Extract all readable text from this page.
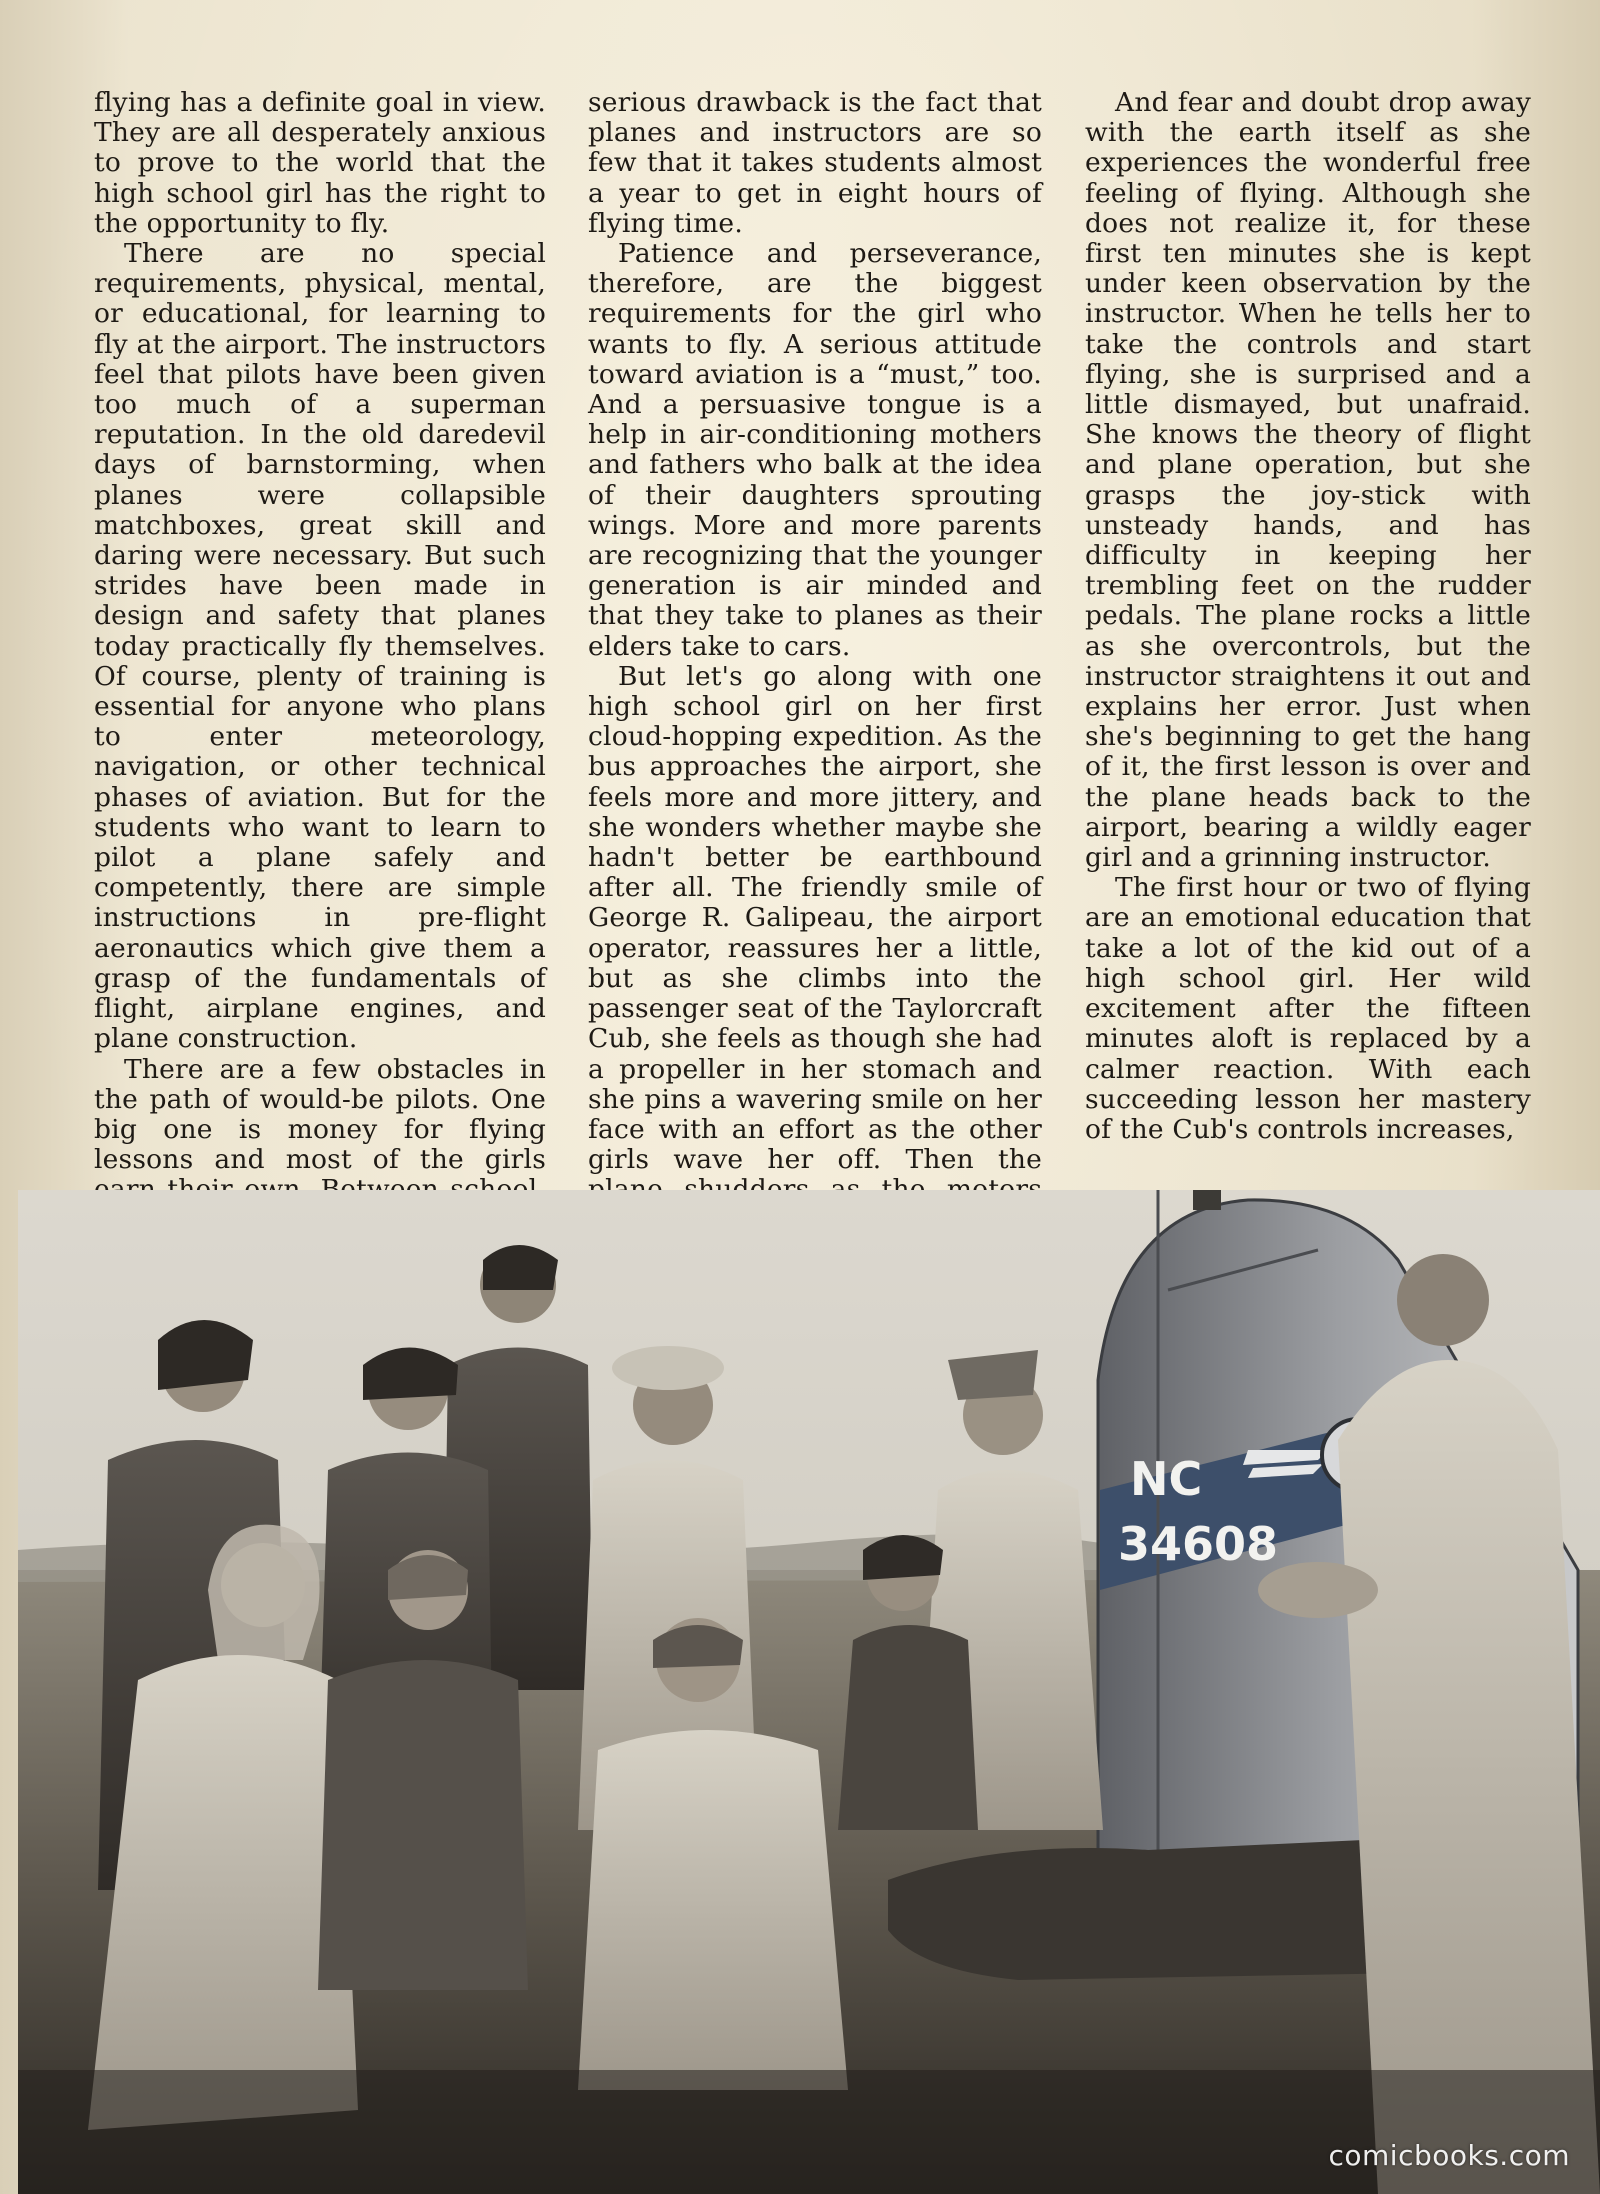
flying has a definite goal in view. They are all desperately anxious to prove to the world that the high school girl has the right to the opportunity to fly.

There are no special requirements, physical, mental, or educational, for learning to fly at the airport. The instructors feel that pilots have been given too much of a superman reputation. In the old daredevil days of barnstorming, when planes were collapsible matchboxes, great skill and daring were necessary. But such strides have been made in design and safety that planes today practically fly themselves. Of course, plenty of training is essential for anyone who plans to enter meteorology, navigation, or other technical phases of aviation. But for the students who want to learn to pilot a plane safely and competently, there are simple instructions in pre-flight aeronautics which give them a grasp of the fundamentals of flight, airplane engines, and plane construction.

There are a few obstacles in the path of would-be pilots. One big one is money for flying lessons and most of the girls

serious drawback is the fact that planes and instructors are so few that it takes students almost a year to get in eight hours of flying time.

Patience and perseverance, therefore, are the biggest requirements for the girl who wants to fly. A serious attitude toward aviation is a “must,” too. And a persuasive tongue is a help in air-conditioning mothers and fathers who balk at the idea of their daughters sprouting wings. More and more parents are recognizing that the younger generation is air minded and that they take to planes as their elders take to cars.

But let's go along with one high school girl on her first cloud-hopping expedition. As the bus approaches the airport, she feels more and more jittery, and she wonders whether maybe she hadn't better be earthbound after all. The friendly smile of George R. Galipeau, the airport operator, reassures her a little, but as she climbs into the passenger seat of the Taylorcraft Cub, she feels as though she had a propeller in her stomach and she pins a wavering smile on her face with an effort as the other girls wave her off. Then the

And fear and doubt drop away with the earth itself as she experiences the wonderful free feeling of flying. Although she does not realize it, for these first ten minutes she is kept under keen observation by the instructor. When he tells her to take the controls and start flying, she is surprised and a little dismayed, but unafraid. She knows the theory of flight and plane operation, but she grasps the joy-stick with unsteady hands, and has difficulty in keeping her trembling feet on the rudder pedals. The plane rocks a little as she overcontrols, but the instructor straightens it out and explains her error. Just when she's beginning to get the hang of it, the first lesson is over and the plane heads back to the airport, bearing a wildly eager girl and a grinning instructor.

The first hour or two of flying are an emotional education that take a lot of the kid out of a high school girl. Her wild excitement after the fifteen minutes aloft is replaced by a calmer reaction. With each succeeding lesson her mastery of the Cub's controls increases,

NC
34608
comicbooks.com
